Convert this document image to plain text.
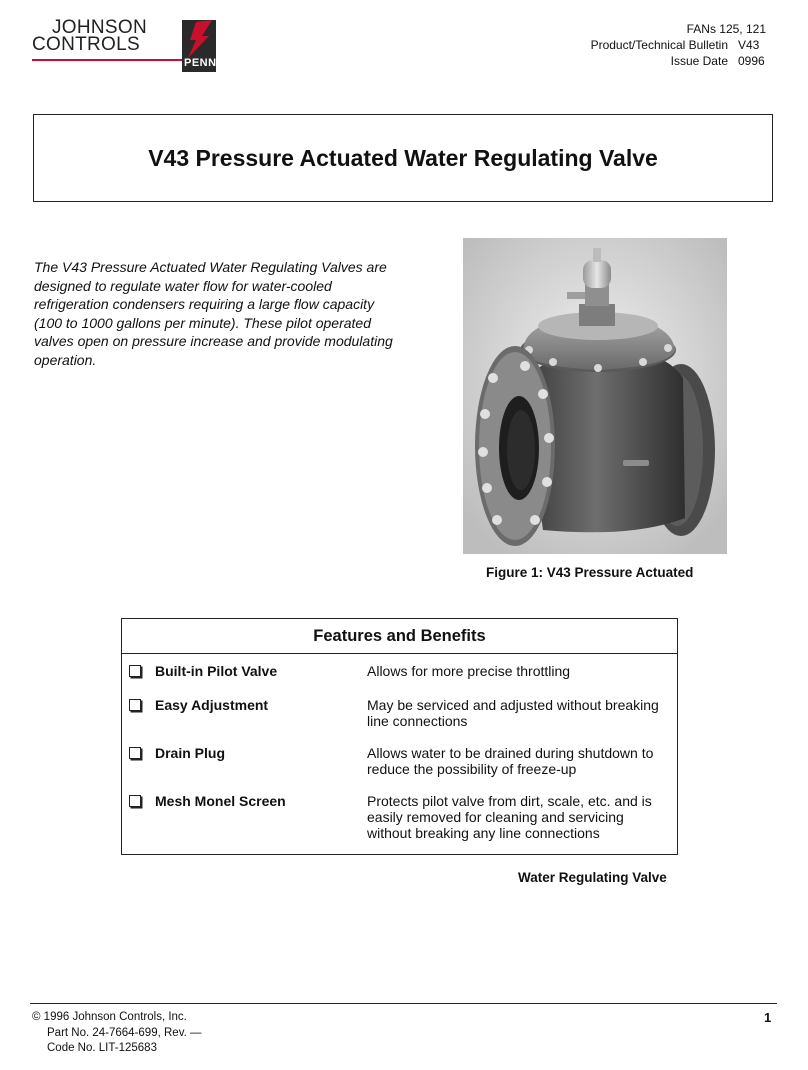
JOHNSON
CONTROLS
PENN
FANs 125, 121
Product/Technical Bulletin V43
Issue Date 0996
V43 Pressure Actuated Water Regulating Valve
The V43 Pressure Actuated Water Regulating Valves are designed to regulate water flow for water-cooled refrigeration condensers requiring a large flow capacity (100 to 1000 gallons per minute). These pilot operated valves open on pressure increase and provide modulating operation.
Figure 1: V43 Pressure Actuated
Features and Benefits
Built-in Pilot Valve	Allows for more precise throttling
Easy Adjustment	May be serviced and adjusted without breaking line connections
Drain Plug	Allows water to be drained during shutdown to reduce the possibility of freeze-up
Mesh Monel Screen	Protects pilot valve from dirt, scale, etc. and is easily removed for cleaning and servicing without breaking any line connections
Water Regulating Valve
© 1996 Johnson Controls, Inc.
Part No. 24-7664-699, Rev. —
Code No. LIT-125683
1
